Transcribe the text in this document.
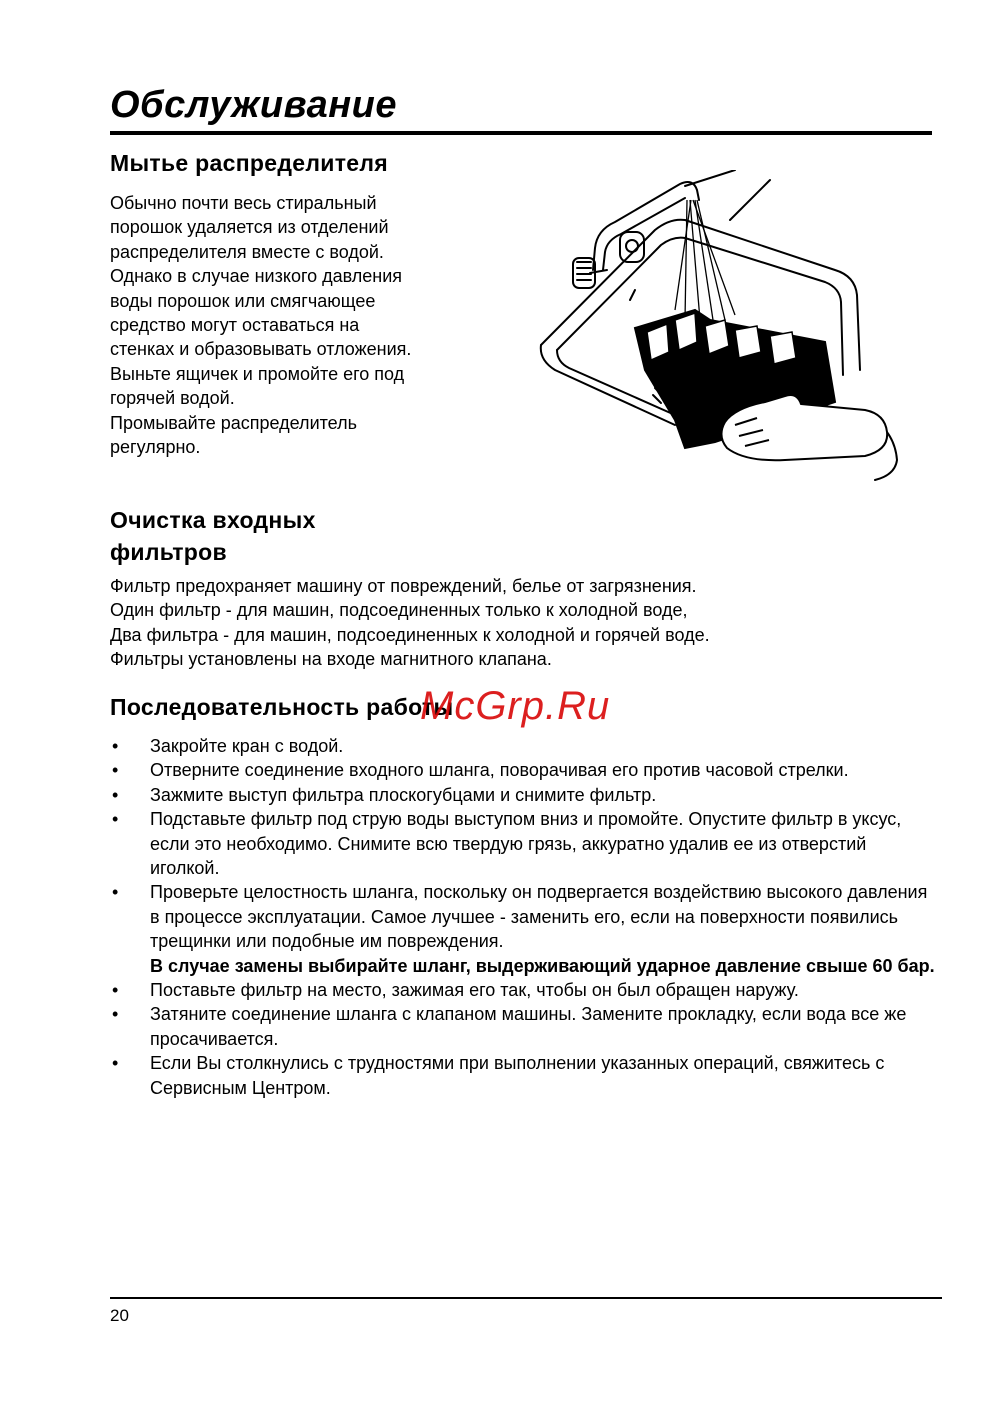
Обслуживание
Мытье распределителя

Обычно почти весь стиральный

порошок удаляется из отделений

распределителя вместе с водой.

Однако в случае низкого давления

воды порошок или смягчающее

средство могут оставаться на

стенках и образовывать отложения.

Выньте ящичек и промойте его под

горячей водой.

Промывайте распределитель

регулярно.

Очистка входных
фильтров

Фильтр предохраняет машину от повреждений, белье от загрязнения.

Один фильтр - для машин, подсоединенных только к холодной воде,

Два фильтра - для машин, подсоединенных к холодной и горячей воде.

Фильтры установлены на входе магнитного клапана.

Последовательность работы
McGrp.Ru
• Закройте кран с водой.
• Отверните соединение входного шланга, поворачивая его против часовой стрелки.
• Зажмите выступ фильтра плоскогубцами и снимите фильтр.
• Подставьте фильтр под струю воды выступом вниз и промойте. Опустите фильтр в уксус, если это необходимо. Снимите всю твердую грязь, аккуратно удалив ее из отверстий иголкой.
• Проверьте целостность шланга, поскольку он подвергается воздействию высокого давления в процессе эксплуатации. Самое лучшее - заменить его, если на поверхности появились трещинки или подобные им повреждения.
В случае замены выбирайте шланг, выдерживающий ударное давление свыше 60 бар.
• Поставьте фильтр на место, зажимая его так, чтобы он был обращен наружу.
• Затяните соединение шланга с клапаном машины. Замените прокладку, если вода все же просачивается.
• Если Вы столкнулись с трудностями при выполнении указанных операций, свяжитесь с Сервисным Центром.
20
